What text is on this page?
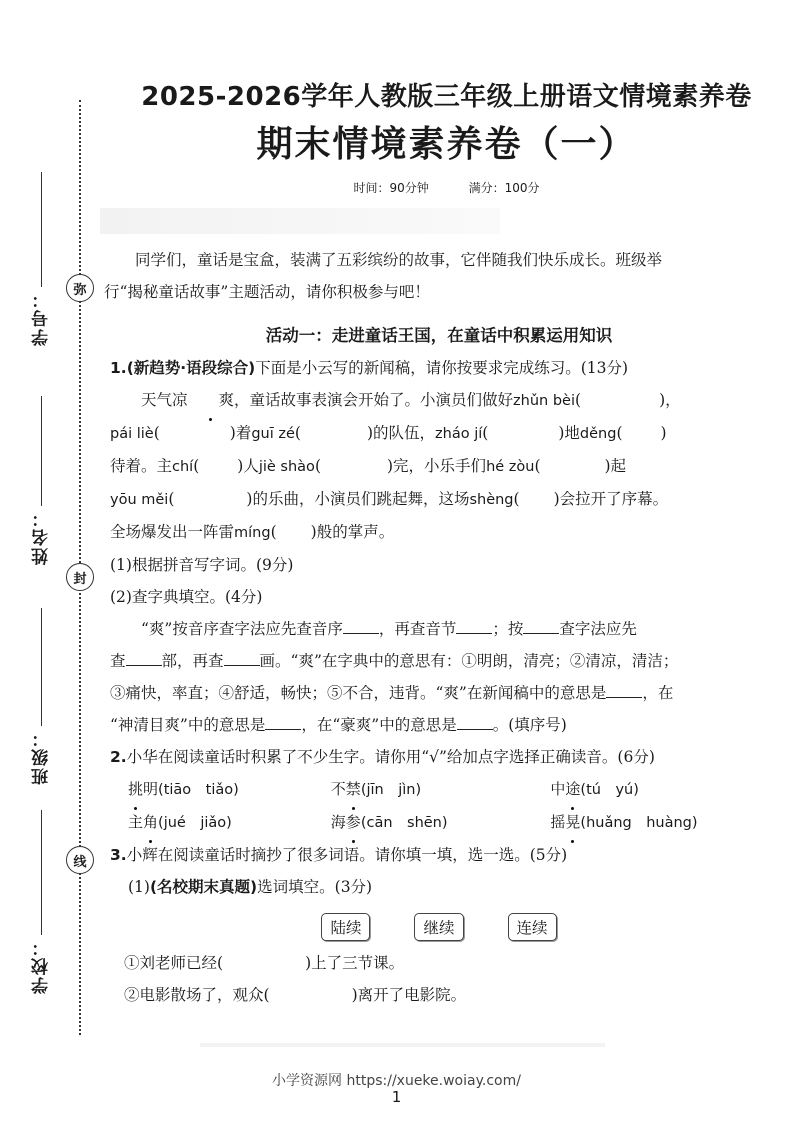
弥
封
线
学号：
姓名：
班级：
学校：
2025-2026学年人教版三年级上册语文情境素养卷
期末情境素养卷（一）
时间：90分钟	满分：100分
同学们，童话是宝盒，装满了五彩缤纷的故事，它伴随我们快乐成长。班级举
行“揭秘童话故事”主题活动，请你积极参与吧！
活动一：走进童话王国，在童话中积累运用知识
1.(新趋势·语段综合)下面是小云写的新闻稿，请你按要求完成练习。(13分)
天气凉 爽，童话故事表演会开始了。小演员们做好zhǔn bèi(	)，
pái liè(	)着guī zé(	)的队伍，zháo jí(	)地děng( )
待着。主chí( )人jiè shào(	)完，小乐手们hé zòu(	)起
yōu měi(	)的乐曲，小演员们跳起舞，这场shèng( )会拉开了序幕。
全场爆发出一阵雷míng( )般的掌声。
(1)根据拼音写字词。(9分)
(2)查字典填空。(4分)
“爽”按音序查字法应先查音序 ，再查音节 ；按 查字法应先
查 部，再查 画。“爽”在字典中的意思有：①明朗，清亮；②清凉，清洁；
③痛快，率直；④舒适，畅快；⑤不合，违背。“爽”在新闻稿中的意思是 ，在
“神清目爽”中的意思是 ，在“豪爽”中的意思是 。(填序号)
2.小华在阅读童话时积累了不少生字。请你用“√”给加点字选择正确读音。(6分)
挑明(tiāo　tiǎo)	不禁(jīn　jìn)	中途(tú　yú)
主角(jué　jiǎo)	海参(cān　shēn)	摇晃(huǎng　huàng)
3.小辉在阅读童话时摘抄了很多词语。请你填一填，选一选。(5分)
(1)(名校期末真题)选词填空。(3分)
陆续	继续	连续
①刘老师已经(	)上了三节课。
②电影散场了，观众(	)离开了电影院。
小学资源网 https://xueke.woiay.com/
1
